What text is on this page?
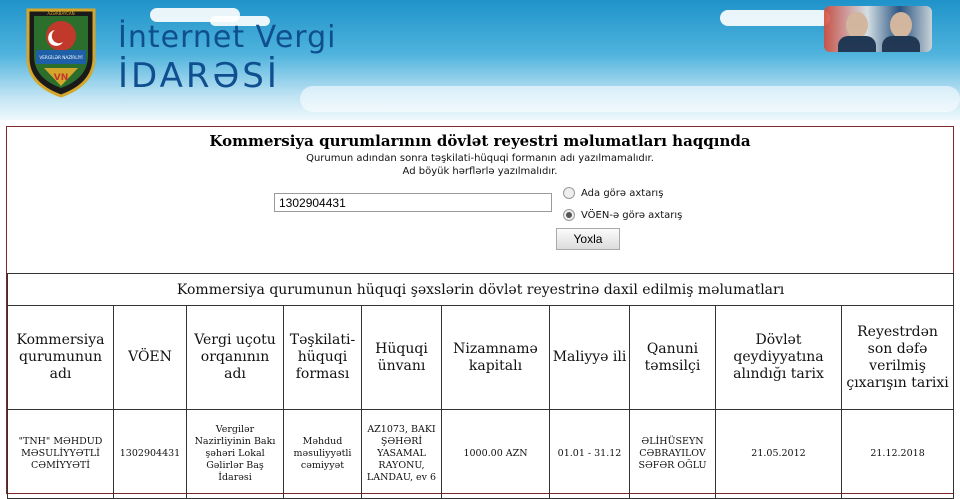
VN
VERGİLƏR NAZİRLİYİ
AZƏRBAYCAN
İnternet Vergi
İDARƏSİ
Kommersiya qurumlarının dövlət reyestri məlumatları haqqında
Qurumun adından sonra təşkilati-hüquqi formanın adı yazılmamalıdır.
Ad böyük hərflərlə yazılmalıdır.
1302904431
Ada görə axtarış
VÖEN-ə görə axtarış
Yoxla
Kommersiya qurumunun hüquqi şəxslərin dövlət reyestrinə daxil edilmiş məlumatları									
Kommersiya qurumunun adı	VÖEN	Vergi uçotu orqanının adı	Təşkilati-hüquqi forması	Hüquqi ünvanı	Nizamnamə kapitalı	Maliyyə ili	Qanuni təmsilçi	Dövlət qeydiyyatına alındığı tarix	Reyestrdən son dəfə verilmiş çıxarışın tarixi
"TNH" MƏHDUD MƏSULİYYƏTLİ CƏMİYYƏTİ	1302904431	Vergilər Nazirliyinin Bakı şəhəri Lokal Gəlirlər Baş İdarəsi	Məhdud məsuliyyətli cəmiyyət	AZ1073, BAKI ŞƏHƏRİ YASAMAL RAYONU, LANDAU, ev 6	1000.00 AZN	01.01 - 31.12	ƏLİHÜSEYN CƏBRAYILOV SƏFƏR OĞLU	21.05.2012	21.12.2018
